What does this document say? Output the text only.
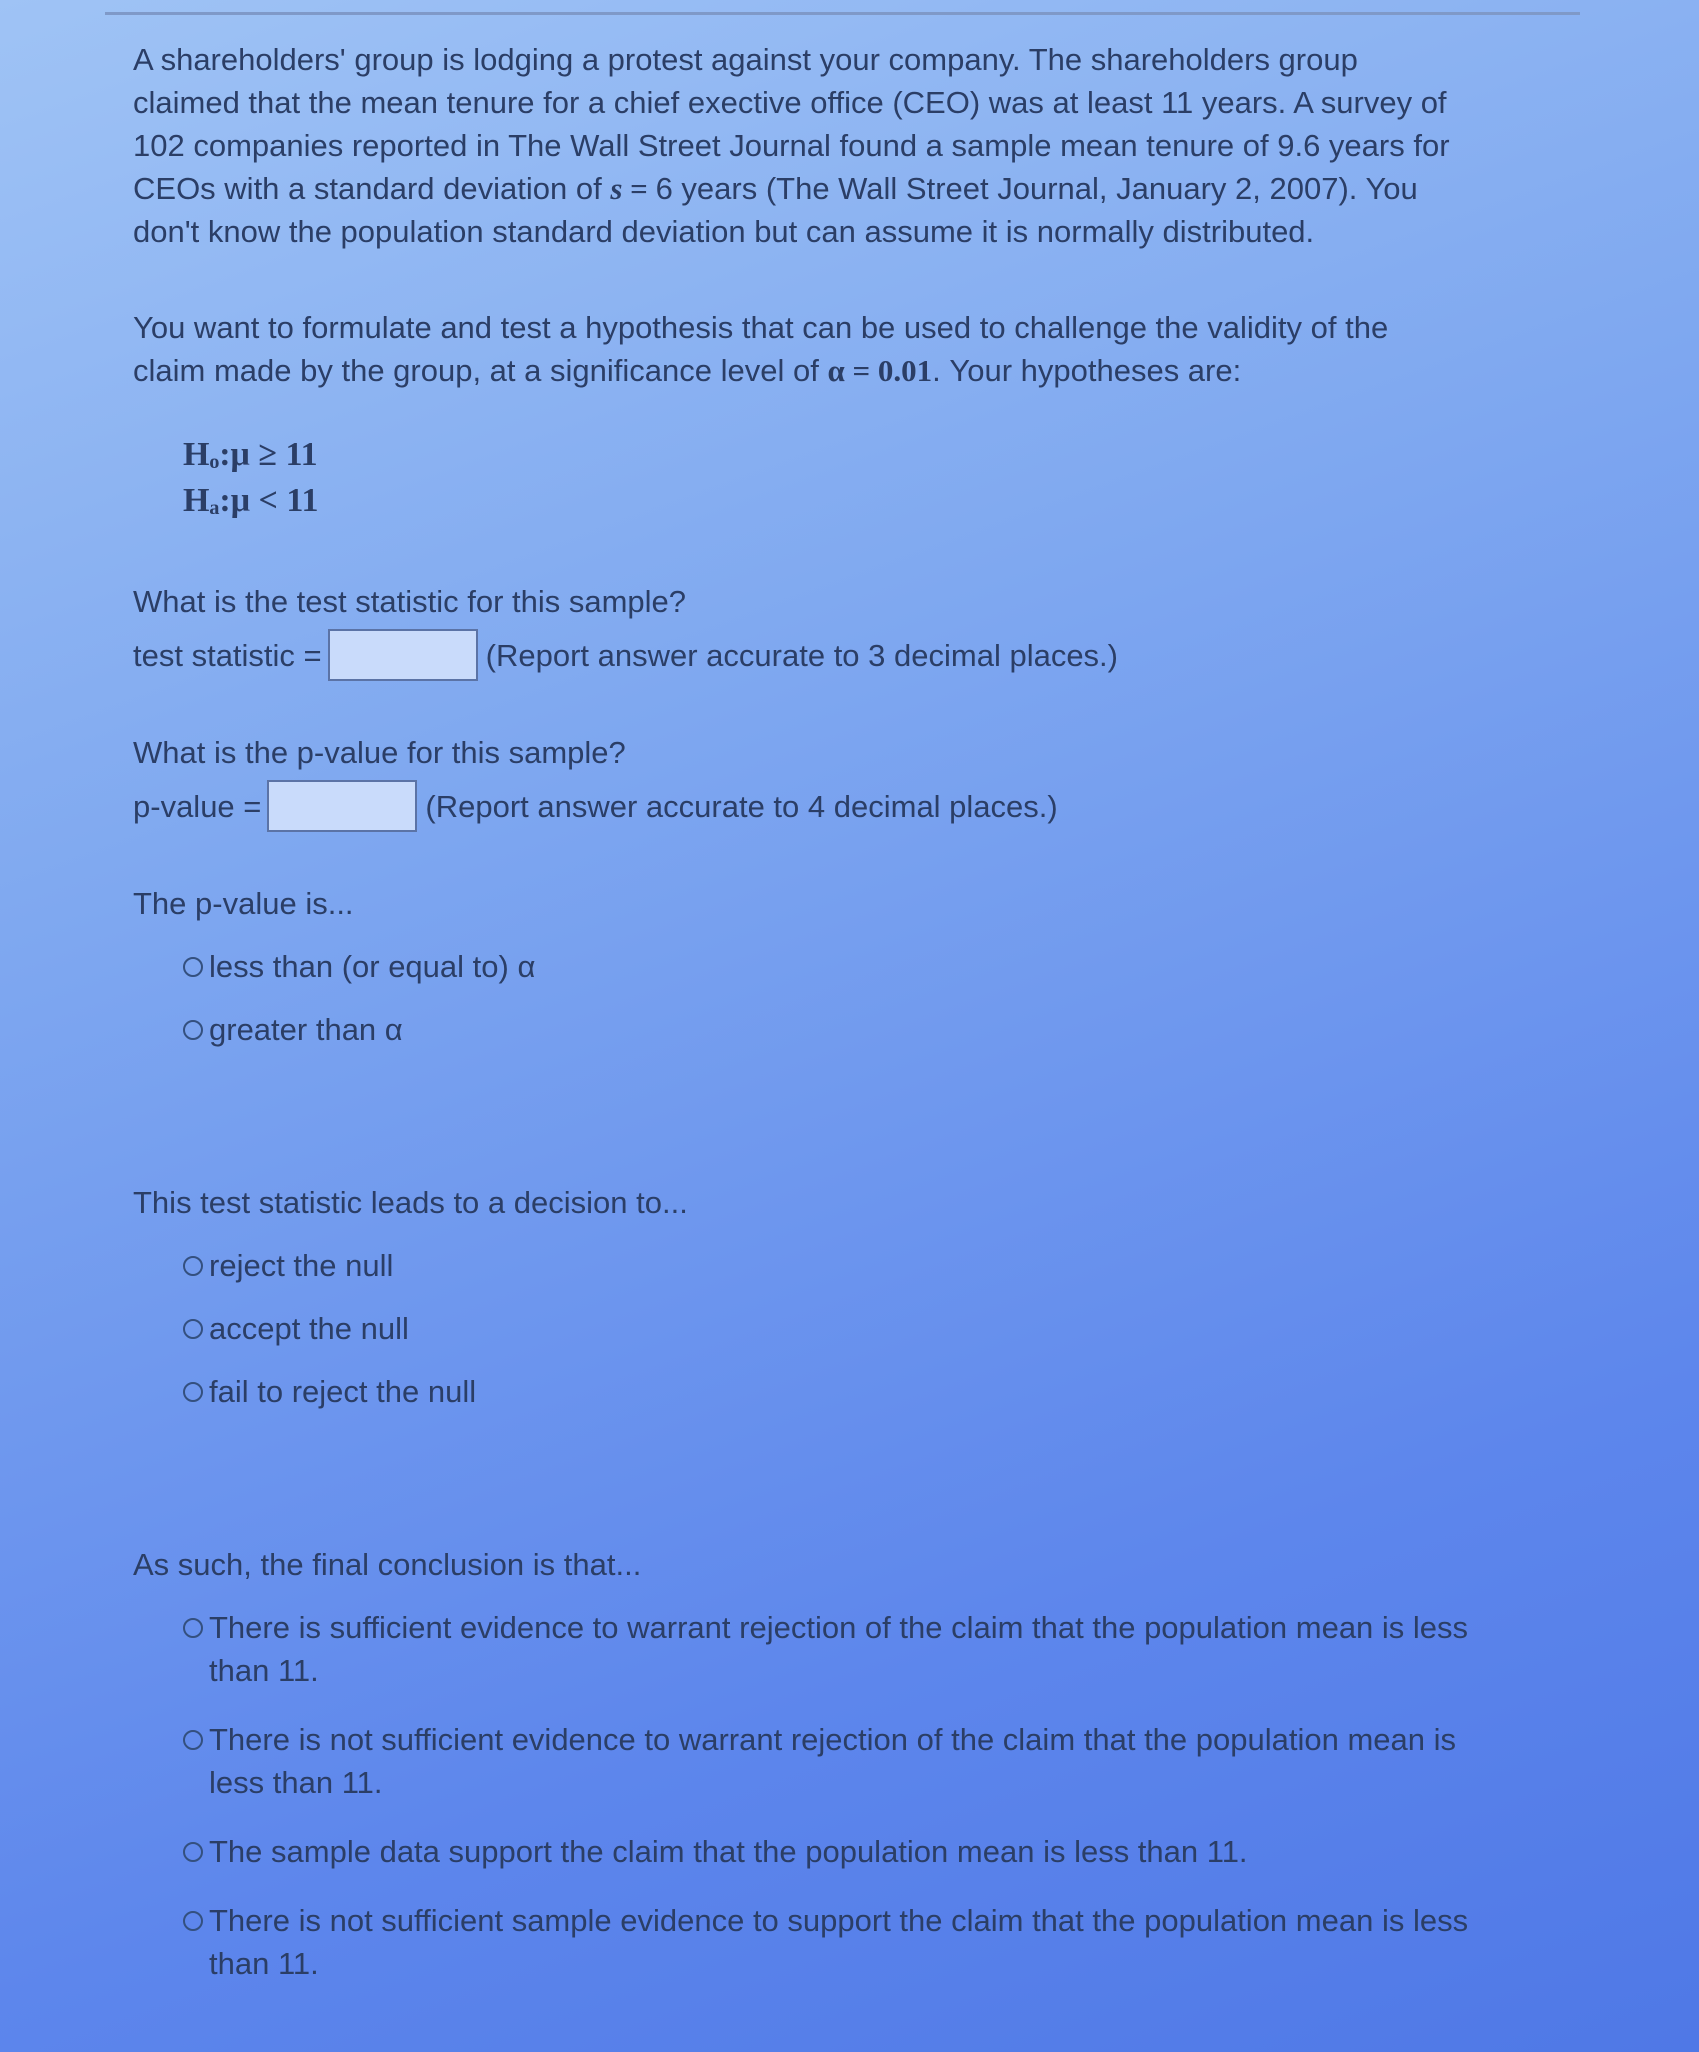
A shareholders' group is lodging a protest against your company. The shareholders group claimed that the mean tenure for a chief exective office (CEO) was at least 11 years. A survey of 102 companies reported in The Wall Street Journal found a sample mean tenure of 9.6 years for CEOs with a standard deviation of s = 6 years (The Wall Street Journal, January 2, 2007). You don't know the population standard deviation but can assume it is normally distributed.

You want to formulate and test a hypothesis that can be used to challenge the validity of the claim made by the group, at a significance level of α = 0.01. Your hypotheses are:

Hₒ:μ ≥ 11
Hₐ:μ < 11
What is the test statistic for this sample?
test statistic =	(Report answer accurate to 3 decimal places.)
What is the p-value for this sample?
p-value =	(Report answer accurate to 4 decimal places.)
The p-value is...
less than (or equal to) α
greater than α
This test statistic leads to a decision to...
reject the null
accept the null
fail to reject the null
As such, the final conclusion is that...
There is sufficient evidence to warrant rejection of the claim that the population mean is less than 11.
There is not sufficient evidence to warrant rejection of the claim that the population mean is less than 11.
The sample data support the claim that the population mean is less than 11.
There is not sufficient sample evidence to support the claim that the population mean is less than 11.
